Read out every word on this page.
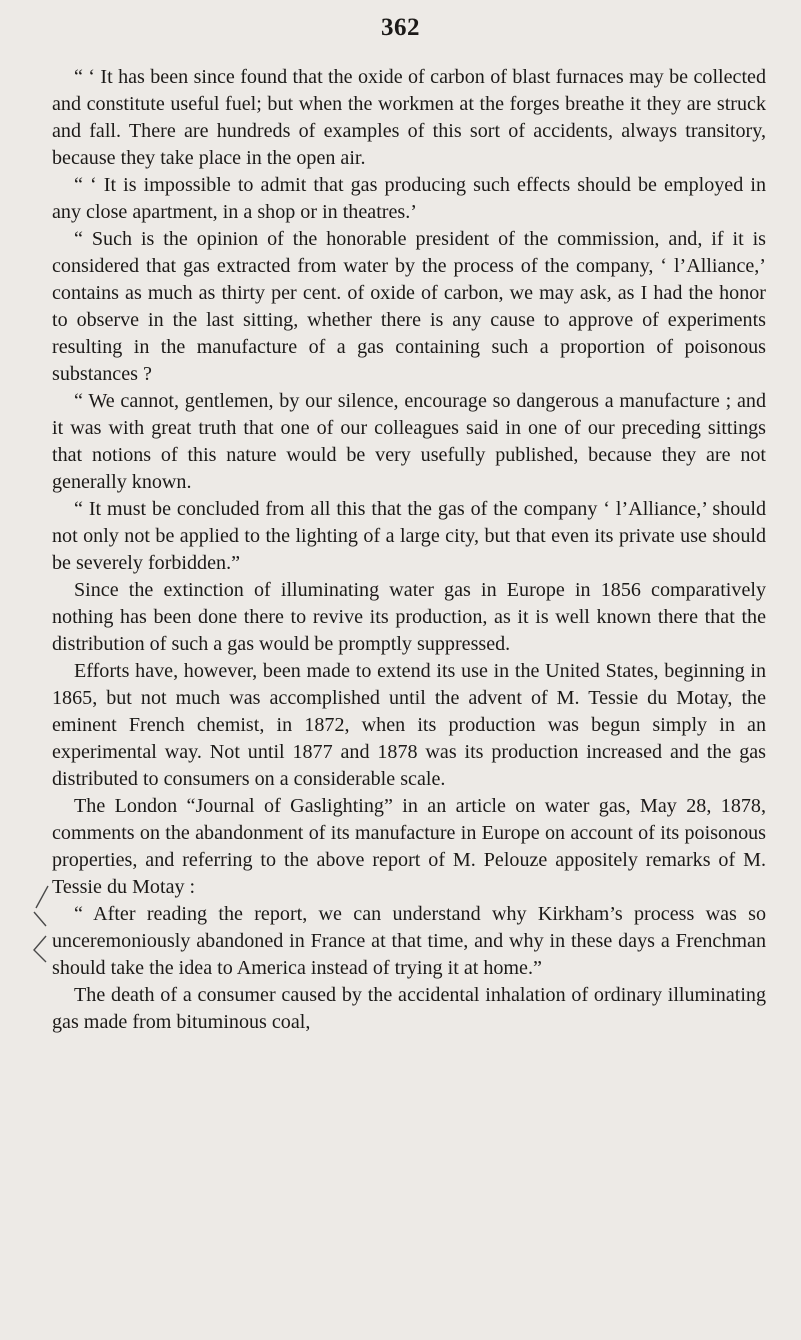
362

“ ‘ It has been since found that the oxide of carbon of blast furnaces may be collected and constitute useful fuel; but when the workmen at the forges breathe it they are struck and fall. There are hundreds of examples of this sort of accidents, always transitory, because they take place in the open air.

“ ‘ It is impossible to admit that gas producing such effects should be employed in any close apartment, in a shop or in theatres.’

“ Such is the opinion of the honorable president of the commission, and, if it is considered that gas extracted from water by the process of the company, ‘ l’Alliance,’ contains as much as thirty per cent. of oxide of carbon, we may ask, as I had the honor to observe in the last sitting, whether there is any cause to approve of experiments resulting in the manufacture of a gas containing such a proportion of poisonous substances ?

“ We cannot, gentlemen, by our silence, encourage so dangerous a manufacture ; and it was with great truth that one of our colleagues said in one of our preceding sittings that notions of this nature would be very usefully published, because they are not generally known.

“ It must be concluded from all this that the gas of the company ‘ l’Alliance,’ should not only not be applied to the lighting of a large city, but that even its private use should be severely forbidden.”

Since the extinction of illuminating water gas in Europe in 1856 comparatively nothing has been done there to revive its production, as it is well known there that the distribution of such a gas would be promptly suppressed.

Efforts have, however, been made to extend its use in the United States, beginning in 1865, but not much was accomplished until the advent of M. Tessie du Motay, the eminent French chemist, in 1872, when its production was begun simply in an experimental way. Not until 1877 and 1878 was its production increased and the gas distributed to consumers on a considerable scale.

The London “Journal of Gaslighting” in an article on water gas, May 28, 1878, comments on the abandonment of its manufacture in Europe on account of its poisonous properties, and referring to the above report of M. Pelouze appositely remarks of M. Tessie du Motay :

“ After reading the report, we can understand why Kirkham’s process was so unceremoniously abandoned in France at that time, and why in these days a Frenchman should take the idea to America instead of trying it at home.”

The death of a consumer caused by the accidental inhalation of ordinary illuminating gas made from bituminous coal,
